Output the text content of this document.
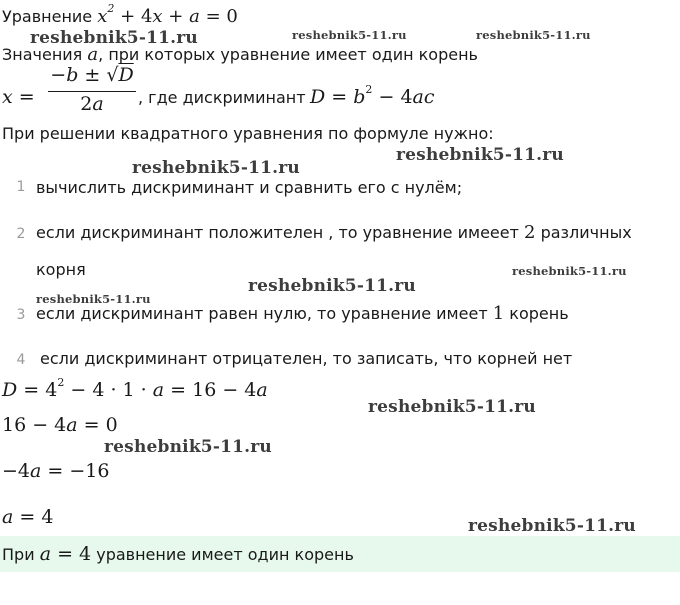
Уравнение $x^2 + 4x + a = 0$
Значения a, при которых уравнение имеет один корень
x =
−b ± √D
2a	, где дискриминант $D = b^2 - 4ac$
При решении квадратного уравнения по формуле нужно:
1 вычислить дискриминант и сравнить его с нулём;
2 если дискриминант положителен , то уравнение имееет 2 различных
корня
3 если дискриминант равен нулю, то уравнение имеет 1 корень
4 если дискриминант отрицателен, то записать, что корней нет
$D = 4^2 - 4 \cdot 1 \cdot a = 16 - 4a$
16 − 4a = 0
−4a = −16
a = 4
При a = 4 уравнение имеет один корень
reshebnik5-11.ru	reshebnik5-11.ru	reshebnik5-11.ru
reshebnik5-11.ru
reshebnik5-11.ru
reshebnik5-11.ru
reshebnik5-11.ru
reshebnik5-11.ru
reshebnik5-11.ru
reshebnik5-11.ru
reshebnik5-11.ru
